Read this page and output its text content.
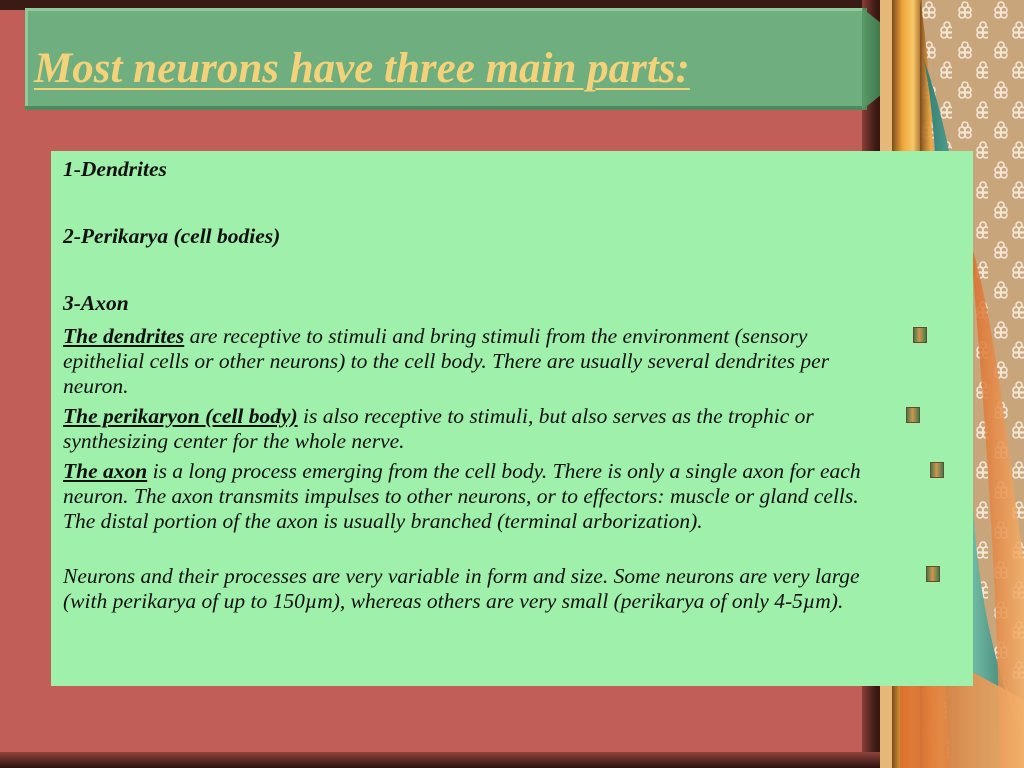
Most neurons have three main parts:

1-Dendrites

2-Perikarya (cell bodies)

3-Axon

The dendrites are receptive to stimuli and bring stimuli from the environment (sensory epithelial cells or other neurons) to the cell body. There are usually several dendrites per neuron.

The perikaryon (cell body) is also receptive to stimuli, but also serves as the trophic or synthesizing center for the whole nerve.

The axon is a long process emerging from the cell body. There is only a single axon for each neuron. The axon transmits impulses to other neurons, or to effectors: muscle or gland cells. The distal portion of the axon is usually branched (terminal arborization).

Neurons and their processes are very variable in form and size. Some neurons are very large (with perikarya of up to 150µm), whereas others are very small (perikarya of only 4-5µm).
